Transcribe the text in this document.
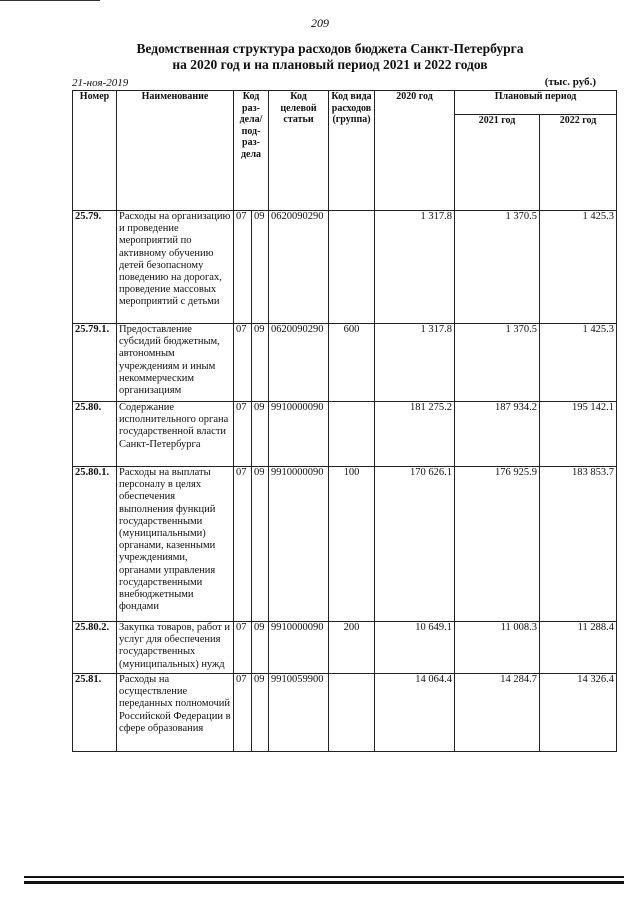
209
Ведомственная структура расходов бюджета Санкт-Петербурга
на 2020 год и на плановый период 2021 и 2022 годов
21-ноя-2019	(тыс. руб.)
Номер	Наименование	Код раз-дела/ под-раз-дела		Код целевой статьи	Код вида расходов (группа)	2020 год	Плановый период	
							2021 год	2022 год
25.79.	Расходы на организацию и проведение мероприятий по активному обучению детей безопасному поведению на дорогах, проведение массовых мероприятий с детьми	07	09	0620090290		1 317.8	1 370.5	1 425.3
25.79.1.	Предоставление субсидий бюджетным, автономным учреждениям и иным некоммерческим организациям	07	09	0620090290	600	1 317.8	1 370.5	1 425.3
25.80.	Содержание исполнительного органа государственной власти Санкт-Петербурга	07	09	9910000090		181 275.2	187 934.2	195 142.1
25.80.1.	Расходы на выплаты персоналу в целях обеспечения выполнения функций государственными (муниципальными) органами, казенными учреждениями, органами управления государственными внебюджетными фондами	07	09	9910000090	100	170 626.1	176 925.9	183 853.7
25.80.2.	Закупка товаров, работ и услуг для обеспечения государственных (муниципальных) нужд	07	09	9910000090	200	10 649.1	11 008.3	11 288.4
25.81.	Расходы на осуществление переданных полномочий Российской Федерации в сфере образования	07	09	9910059900		14 064.4	14 284.7	14 326.4
